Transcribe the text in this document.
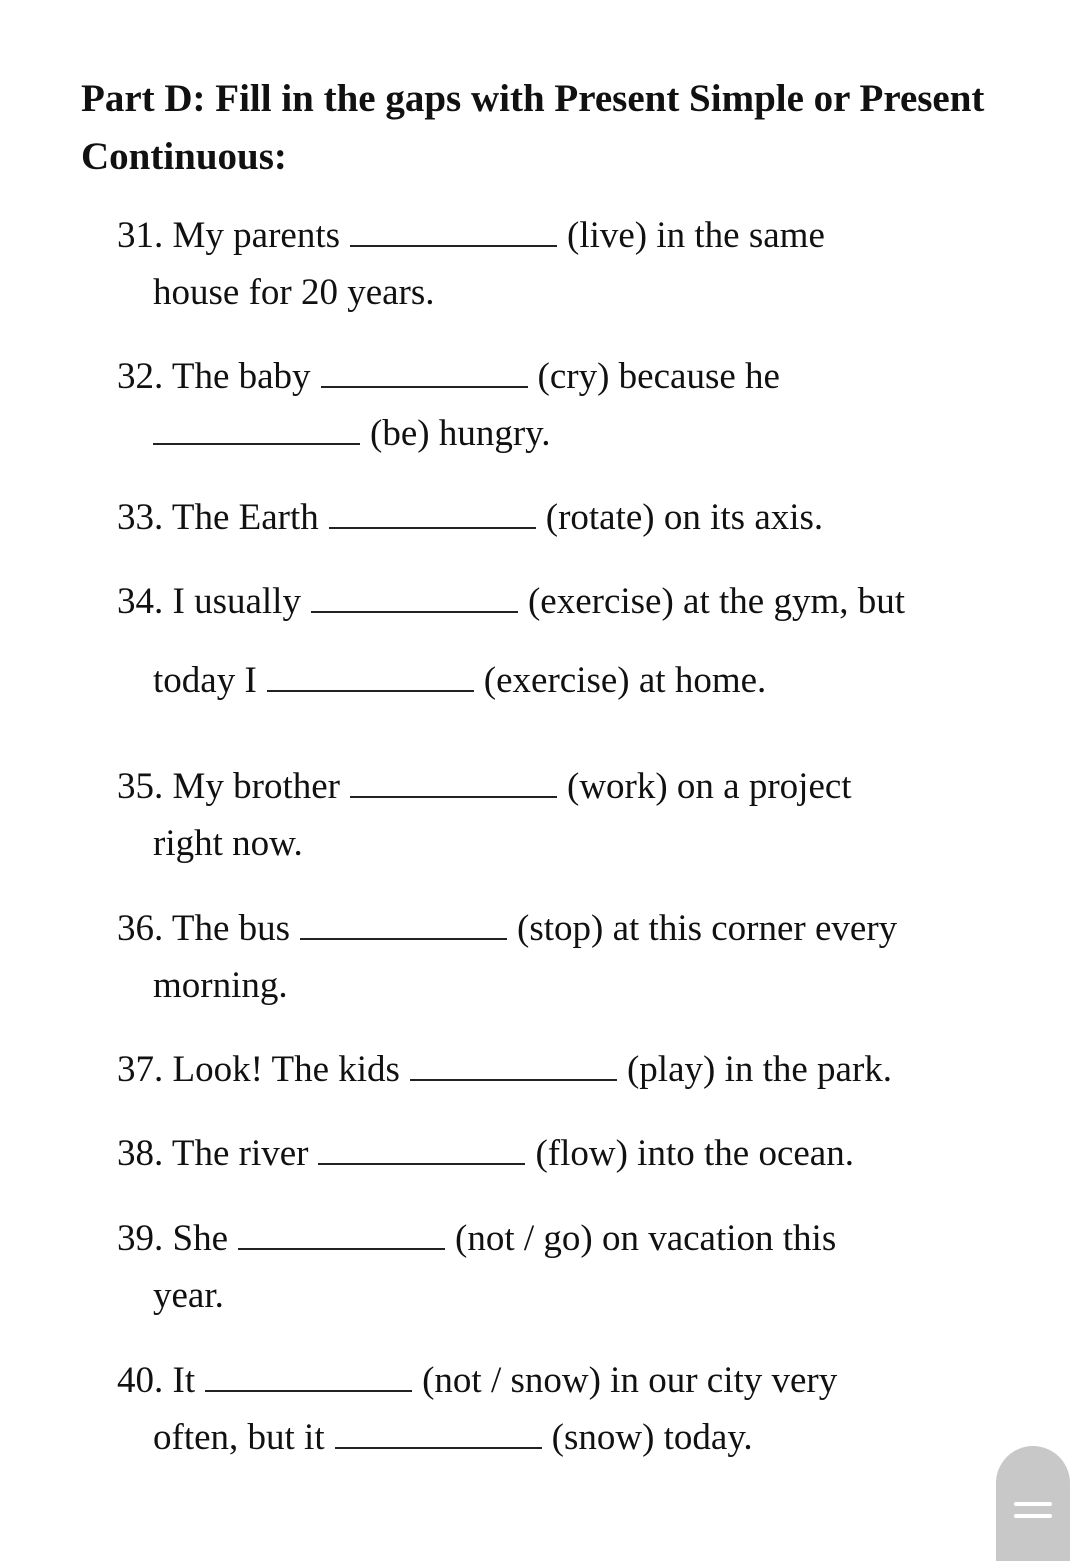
Part D: Fill in the gaps with Present Simple or Present Continuous:
31. My parents	(live) in the same
house for 20 years.
32. The baby	(cry) because he
(be) hungry.
33. The Earth	(rotate) on its axis.
34. I usually	(exercise) at the gym, but
today I	(exercise) at home.
35. My brother	(work) on a project
right now.
36. The bus	(stop) at this corner every
morning.
37. Look! The kids	(play) in the park.
38. The river	(flow) into the ocean.
39. She	(not / go) on vacation this
year.
40. It	(not / snow) in our city very
often, but it	(snow) today.
